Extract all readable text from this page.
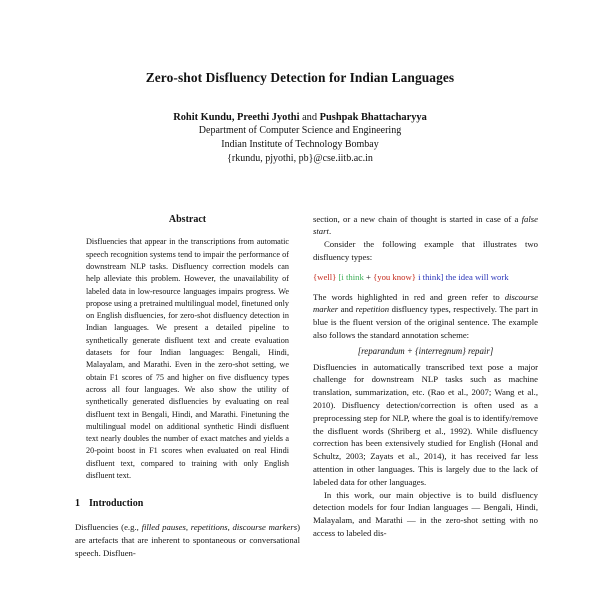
Zero-shot Disfluency Detection for Indian Languages
Rohit Kundu, Preethi Jyothi and Pushpak Bhattacharyya
Department of Computer Science and Engineering
Indian Institute of Technology Bombay
{rkundu, pjyothi, pb}@cse.iitb.ac.in
Abstract

Disfluencies that appear in the transcriptions from automatic speech recognition systems tend to impair the performance of downstream NLP tasks. Disfluency correction models can help alleviate this problem. However, the unavailability of labeled data in low-resource languages impairs progress. We propose using a pretrained multilingual model, finetuned only on English disfluencies, for zero-shot disfluency detection in Indian languages. We present a detailed pipeline to synthetically generate disfluent text and create evaluation datasets for four Indian languages: Bengali, Hindi, Malayalam, and Marathi. Even in the zero-shot setting, we obtain F1 scores of 75 and higher on five disfluency types across all four languages. We also show the utility of synthetically generated disfluencies by evaluating on real disfluent text in Bengali, Hindi, and Marathi. Finetuning the multilingual model on additional synthetic Hindi disfluent text nearly doubles the number of exact matches and yields a 20-point boost in F1 scores when evaluated on real Hindi disfluent text, compared to training with only English disfluent text.

1 Introduction

Disfluencies (e.g., filled pauses, repetitions, discourse markers) are artefacts that are inherent to spontaneous or conversational speech. Disfluen-

section, or a new chain of thought is started in case of a false start.

Consider the following example that illustrates two disfluency types:

{well} [i think + {you know} i think] the idea will work

The words highlighted in red and green refer to discourse marker and repetition disfluency types, respectively. The part in blue is the fluent version of the original sentence. The example also follows the standard annotation scheme:

[reparandum + {interregnum} repair]

Disfluencies in automatically transcribed text pose a major challenge for downstream NLP tasks such as machine translation, summarization, etc. (Rao et al., 2007; Wang et al., 2010). Disfluency detection/correction is often used as a preprocessing step for NLP, where the goal is to identify/remove the disfluent words (Shriberg et al., 1992). While disfluency correction has been extensively studied for English (Honal and Schultz, 2003; Zayats et al., 2014), it has received far less attention in other languages. This is largely due to the lack of labeled data for other languages.

In this work, our main objective is to build disfluency detection models for four Indian languages — Bengali, Hindi, Malayalam, and Marathi — in the zero-shot setting with no access to labeled dis-
